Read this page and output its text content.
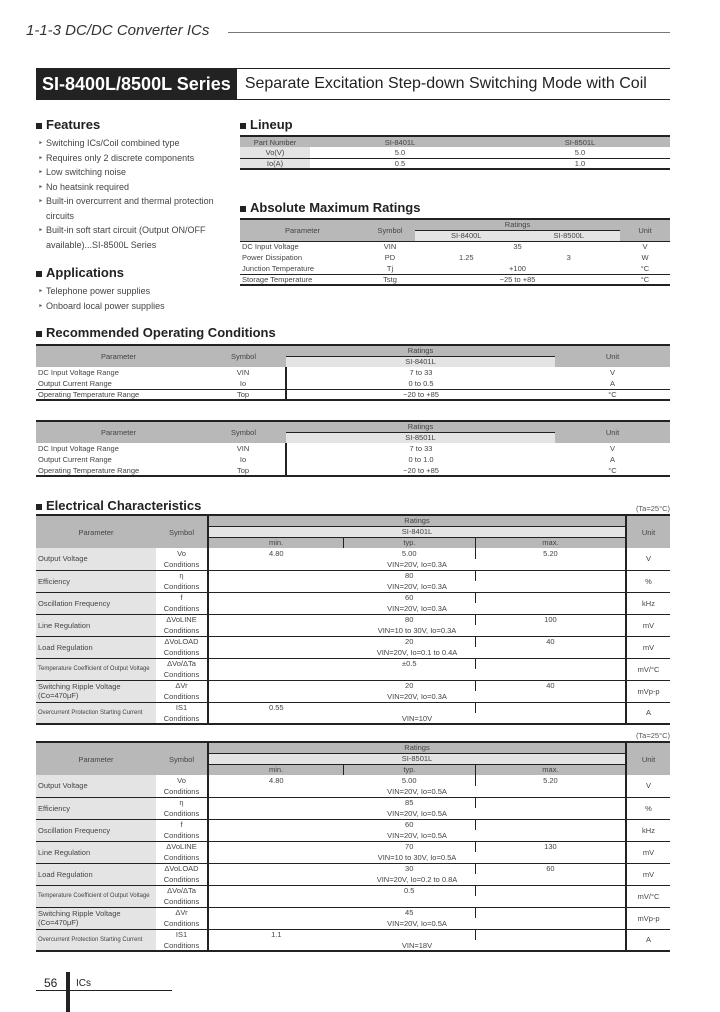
1-1-3 DC/DC Converter ICs
SI-8400L/8500L Series Separate Excitation Step-down Switching Mode with Coil
Features
‣ Switching ICs/Coil combined type
‣ Requires only 2 discrete components
‣ Low switching noise
‣ No heatsink required
‣ Built-in overcurrent and thermal protection circuits
‣ Built-in soft start circuit (Output ON/OFF available)...SI-8500L Series
Applications
‣ Telephone power supplies
‣ Onboard local power supplies
Lineup
Part Number	SI-8401L	SI-8501L
Vo(V)	5.0	5.0
Io(A)	0.5	1.0
Absolute Maximum Ratings
Parameter	Symbol	Ratings		Unit
		SI-8400L	SI-8500L	
DC Input Voltage	VIN	35		V
Power Dissipation	PD	1.25	3	W
Junction Temperature	Tj	+100		°C
Storage Temperature	Tstg	−25 to +85		°C
Recommended Operating Conditions
Parameter	Symbol	Ratings	Unit
		SI-8401L	
DC Input Voltage Range	VIN	7 to 33	V
Output Current Range	Io	0 to 0.5	A
Operating Temperature Range	Top	−20 to +85	°C
Parameter	Symbol	Ratings	Unit
		SI-8501L	
DC Input Voltage Range	VIN	7 to 33	V
Output Current Range	Io	0 to 1.0	A
Operating Temperature Range	Top	−20 to +85	°C
Electrical Characteristics	(Ta=25°C)
Parameter	Symbol	Ratings			Unit
		SI-8401L			
		min.	typ.	max.	
Output Voltage	Vo	4.80	5.00	5.20	V
	Conditions	VIN=20V, Io=0.3A			
Efficiency	η		80		%
	Conditions	VIN=20V, Io=0.3A			
Oscillation Frequency	f		60		kHz
	Conditions	VIN=20V, Io=0.3A			
Line Regulation	ΔVoLINE		80	100	mV
	Conditions	VIN=10 to 30V, Io=0.3A			
Load Regulation	ΔVoLOAD		20	40	mV
	Conditions	VIN=20V, Io=0.1 to 0.4A			
Temperature Coefficient of Output Voltage	ΔVo/ΔTa		±0.5		mV/°C
	Conditions				
Switching Ripple Voltage (Co=470μF)	ΔVr		20	40	mVp-p
	Conditions	VIN=20V, Io=0.3A			
Overcurrent Protection Starting Current	IS1	0.55			A
	Conditions	VIN=10V			
(Ta=25°C)
Parameter	Symbol	Ratings			Unit
		SI-8501L			
		min.	typ.	max.	
Output Voltage	Vo	4.80	5.00	5.20	V
	Conditions	VIN=20V, Io=0.5A			
Efficiency	η		85		%
	Conditions	VIN=20V, Io=0.5A			
Oscillation Frequency	f		60		kHz
	Conditions	VIN=20V, Io=0.5A			
Line Regulation	ΔVoLINE		70	130	mV
	Conditions	VIN=10 to 30V, Io=0.5A			
Load Regulation	ΔVoLOAD		30	60	mV
	Conditions	VIN=20V, Io=0.2 to 0.8A			
Temperature Coefficient of Output Voltage	ΔVo/ΔTa		0.5		mV/°C
	Conditions				
Switching Ripple Voltage (Co=470μF)	ΔVr		45		mVp-p
	Conditions	VIN=20V, Io=0.5A			
Overcurrent Protection Starting Current	IS1	1.1			A
	Conditions	VIN=18V			
56 ICs
